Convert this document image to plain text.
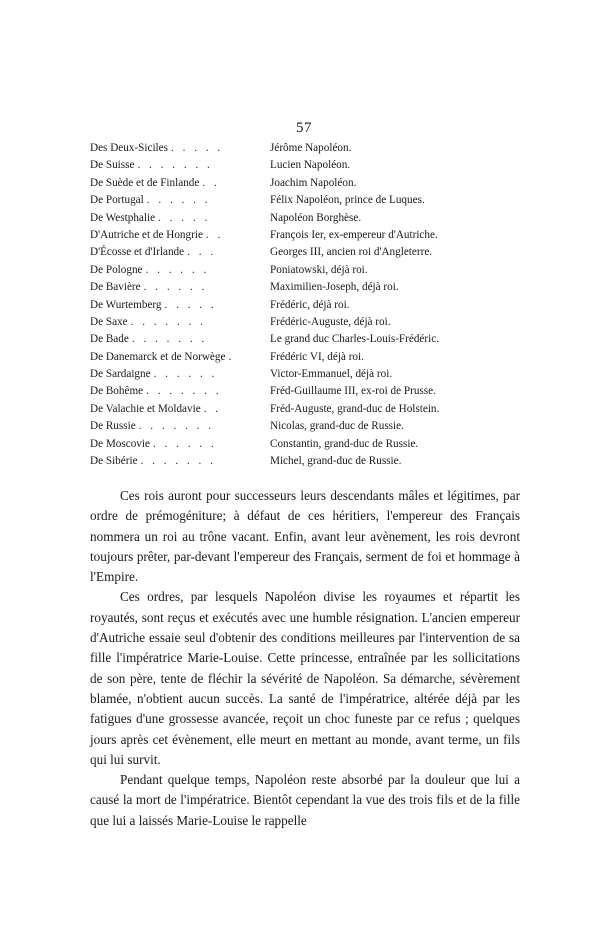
57
Des Deux-Siciles . . . . .	Jérôme Napoléon.
De Suisse . . . . . . .	Lucien Napoléon.
De Suède et de Finlande . .	Joachim Napoléon.
De Portugal . . . . . .	Félix Napoléon, prince de Luques.
De Westphalie . . . . .	Napoléon Borghèse.
D'Autriche et de Hongrie . .	François Ier, ex-empereur d'Autriche.
D'Écosse et d'Irlande . . .	Georges III, ancien roi d'Angleterre.
De Pologne . . . . . .	Poniatowski, déjà roi.
De Bavière . . . . . .	Maximilien-Joseph, déjà roi.
De Wurtemberg . . . . .	Frédéric, déjà roi.
De Saxe . . . . . . .	Frédéric-Auguste, déjà roi.
De Bade . . . . . . .	Le grand duc Charles-Louis-Frédéric.
De Danemarck et de Norwège .	Frédéric VI, déjà roi.
De Sardaigne . . . . . .	Victor-Emmanuel, déjà roi.
De Bohême . . . . . . .	Fréd-Guillaume III, ex-roi de Prusse.
De Valachie et Moldavie . .	Fréd-Auguste, grand-duc de Holstein.
De Russie . . . . . . .	Nicolas, grand-duc de Russie.
De Moscovie . . . . . .	Constantin, grand-duc de Russie.
De Sibérie . . . . . . .	Michel, grand-duc de Russie.

Ces rois auront pour successeurs leurs descendants mâles et légitimes, par ordre de prémogéniture; à défaut de ces héritiers, l'empereur des Français nommera un roi au trône vacant. Enfin, avant leur avènement, les rois devront toujours prêter, par-devant l'empereur des Français, serment de foi et hommage à l'Empire.

Ces ordres, par lesquels Napoléon divise les royaumes et répartit les royautés, sont reçus et exécutés avec une humble résignation. L'ancien empereur d'Autriche essaie seul d'obtenir des conditions meilleures par l'intervention de sa fille l'impératrice Marie-Louise. Cette princesse, entraînée par les sollicitations de son père, tente de fléchir la sévérité de Napoléon. Sa démarche, sévèrement blamée, n'obtient aucun succès. La santé de l'impératrice, altérée déjà par les fatigues d'une grossesse avancée, reçoit un choc funeste par ce refus ; quelques jours après cet évènement, elle meurt en mettant au monde, avant terme, un fils qui lui survit.

Pendant quelque temps, Napoléon reste absorbé par la douleur que lui a causé la mort de l'impératrice. Bientôt cependant la vue des trois fils et de la fille que lui a laissés Marie-Louise le rappelle
